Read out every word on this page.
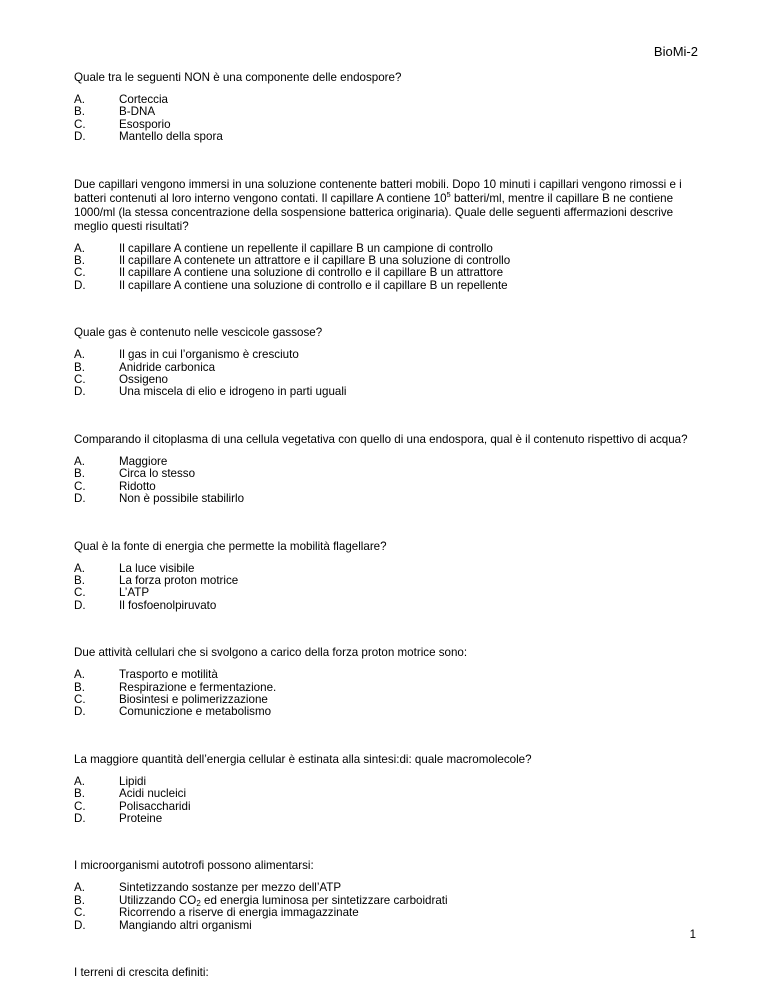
BioMi-2

Quale tra le seguenti NON è una componente delle endospore?

A.	Corteccia
B.	B-DNA
C.	Esosporio
D.	Mantello della spora

Due capillari vengono immersi in una soluzione contenente batteri mobili. Dopo 10 minuti i capillari vengono rimossi e i batteri contenuti al loro interno vengono contati. Il capillare A contiene $10^5$ batteri/ml, mentre il capillare B ne contiene 1000/ml (la stessa concentrazione della sospensione batterica originaria). Quale delle seguenti affermazioni descrive meglio questi risultati?

A.	Il capillare A contiene un repellente il capillare B un campione di controllo
B.	Il capillare A contenete un attrattore e il capillare B una soluzione di controllo
C.	Il capillare A contiene una soluzione di controllo e il capillare B un attrattore
D.	Il capillare A contiene una soluzione di controllo e il capillare B un repellente

Quale gas è contenuto nelle vescicole gassose?

A.	Il gas in cui l’organismo è cresciuto
B.	Anidride carbonica
C.	Ossigeno
D.	Una miscela di elio e idrogeno in parti uguali

Comparando il citoplasma di una cellula vegetativa con quello di una endospora, qual è il contenuto rispettivo di acqua?

A.	Maggiore
B.	Circa lo stesso
C.	Ridotto
D.	Non è possibile stabilirlo

Qual è la fonte di energia che permette la mobilità flagellare?

A.	La luce visibile
B.	La forza proton motrice
C.	L’ATP
D.	Il fosfoenolpiruvato

Due attività cellulari che si svolgono a carico della forza proton motrice sono:

A.	Trasporto e motilità
B.	Respirazione e fermentazione.
C.	Biosintesi e polimerizzazione
D.	Comuniczione e metabolismo

La maggiore quantità dell’energia cellular è estinata alla sintesi:di: quale macromolecole?

A.	Lipidi
B.	Acidi nucleici
C.	Polisaccharidi
D.	Proteine

I microorganismi autotrofi possono alimentarsi:

A.	Sintetizzando sostanze per mezzo dell’ATP
B.	Utilizzando $CO_2$ ed energia luminosa per sintetizzare carboidrati
C.	Ricorrendo a riserve di energia immagazzinate
D.	Mangiando altri organismi

I terreni di crescita definiti:

1
